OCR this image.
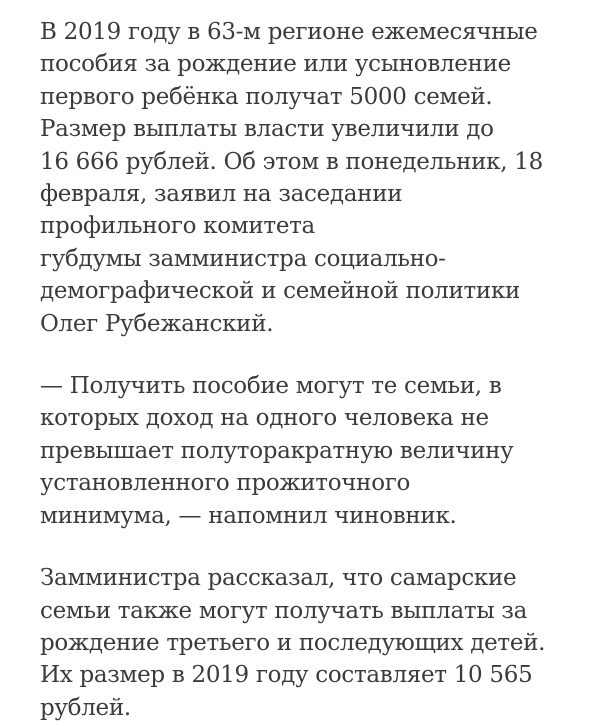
В 2019 году в 63-м регионе ежемесячные
пособия за рождение или усыновление
первого ребёнка получат 5000 семей.
Размер выплаты власти увеличили до
16 666 рублей. Об этом в понедельник, 18
февраля, заявил на заседании
профильного комитета
губдумы замминистра социально-
демографической и семейной политики
Олег Рубежанский.
— Получить пособие могут те семьи, в
которых доход на одного человека не
превышает полуторакратную величину
установленного прожиточного
минимума, — напомнил чиновник.
Замминистра рассказал, что самарские
семьи также могут получать выплаты за
рождение третьего и последующих детей.
Их размер в 2019 году составляет 10 565
рублей.
